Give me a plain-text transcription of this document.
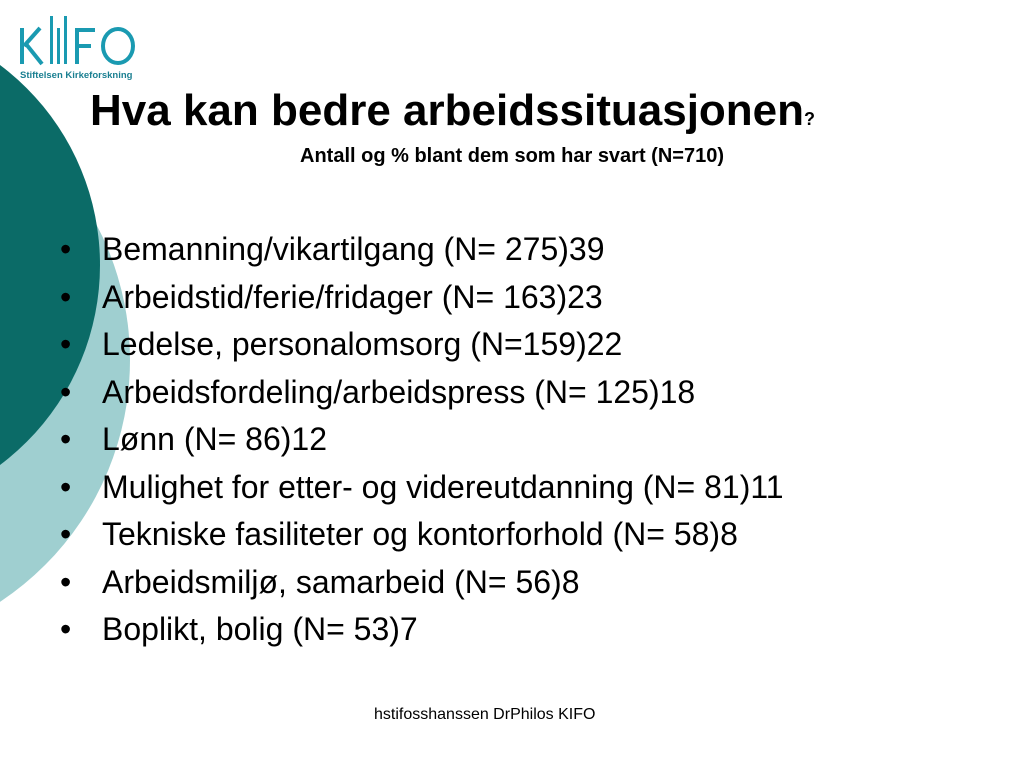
Stiftelsen Kirkeforskning
Hva kan bedre arbeidssituasjonen?
Antall og % blant dem som har svart (N=710)
• Bemanning/vikartilgang (N= 275)39
• Arbeidstid/ferie/fridager (N= 163)23
• Ledelse, personalomsorg (N=159)22
• Arbeidsfordeling/arbeidspress (N= 125)18
• Lønn (N= 86)12
• Mulighet for etter- og videreutdanning (N= 81)11
• Tekniske fasiliteter og kontorforhold (N= 58)8
• Arbeidsmiljø, samarbeid (N= 56)8
• Boplikt, bolig (N= 53)7
hstifosshanssen DrPhilos KIFO
